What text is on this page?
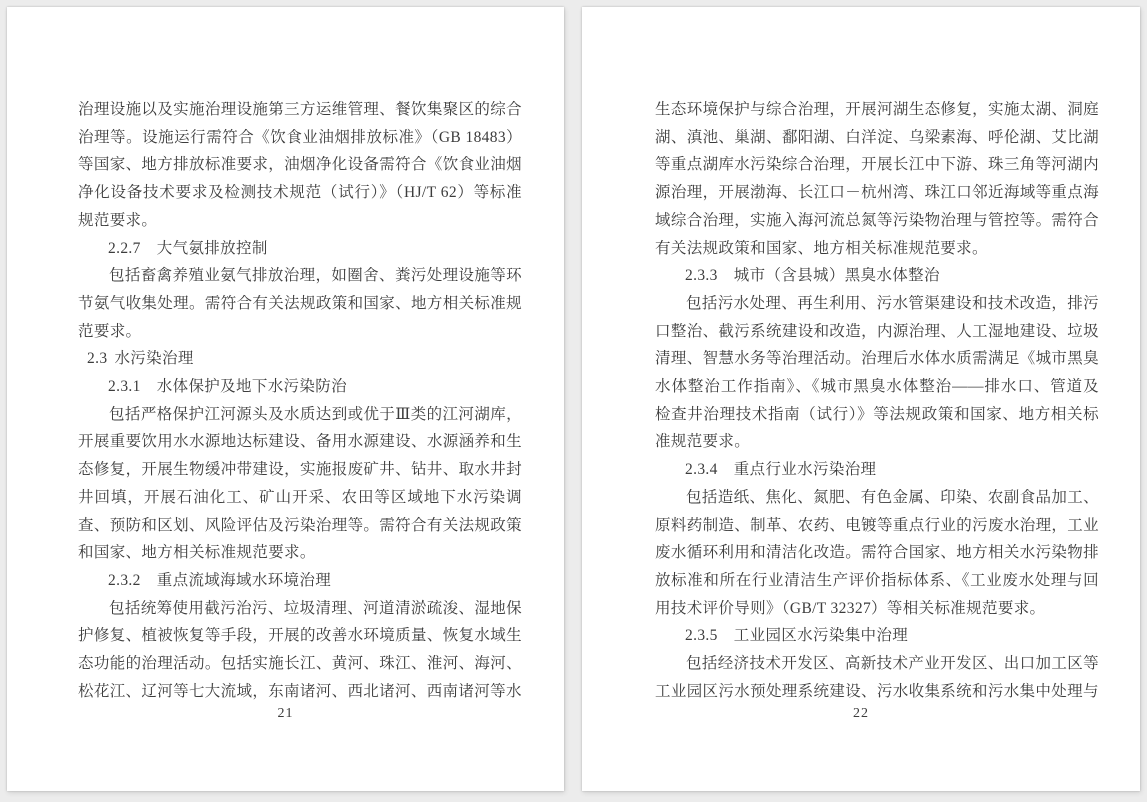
治理设施以及实施治理设施第三方运维管理、餐饮集聚区的综合治理等。设施运行需符合《饮食业油烟排放标准》（GB 18483）等国家、地方排放标准要求，油烟净化设备需符合《饮食业油烟净化设备技术要求及检测技术规范（试行）》（HJ/T 62）等标准规范要求。

2.2.7 大气氨排放控制

包括畜禽养殖业氨气排放治理，如圈舍、粪污处理设施等环节氨气收集处理。需符合有关法规政策和国家、地方相关标准规范要求。

2.3 水污染治理

2.3.1 水体保护及地下水污染防治

包括严格保护江河源头及水质达到或优于Ⅲ类的江河湖库，开展重要饮用水水源地达标建设、备用水源建设、水源涵养和生态修复，开展生物缓冲带建设，实施报废矿井、钻井、取水井封井回填，开展石油化工、矿山开采、农田等区域地下水污染调查、预防和区划、风险评估及污染治理等。需符合有关法规政策和国家、地方相关标准规范要求。

2.3.2 重点流域海域水环境治理

包括统筹使用截污治污、垃圾清理、河道清淤疏浚、湿地保护修复、植被恢复等手段，开展的改善水环境质量、恢复水域生态功能的治理活动。包括实施长江、黄河、珠江、淮河、海河、松花江、辽河等七大流域，东南诸河、西北诸河、西南诸河等水

21

生态环境保护与综合治理，开展河湖生态修复，实施太湖、洞庭湖、滇池、巢湖、鄱阳湖、白洋淀、乌梁素海、呼伦湖、艾比湖等重点湖库水污染综合治理，开展长江中下游、珠三角等河湖内源治理，开展渤海、长江口－杭州湾、珠江口邻近海域等重点海域综合治理，实施入海河流总氮等污染物治理与管控等。需符合有关法规政策和国家、地方相关标准规范要求。

2.3.3 城市（含县城）黑臭水体整治

包括污水处理、再生利用、污水管渠建设和技术改造，排污口整治、截污系统建设和改造，内源治理、人工湿地建设、垃圾清理、智慧水务等治理活动。治理后水体水质需满足《城市黑臭水体整治工作指南》、《城市黑臭水体整治——排水口、管道及检查井治理技术指南（试行）》等法规政策和国家、地方相关标准规范要求。

2.3.4 重点行业水污染治理

包括造纸、焦化、氮肥、有色金属、印染、农副食品加工、原料药制造、制革、农药、电镀等重点行业的污废水治理，工业废水循环利用和清洁化改造。需符合国家、地方相关水污染物排放标准和所在行业清洁生产评价指标体系、《工业废水处理与回用技术评价导则》（GB/T 32327）等相关标准规范要求。

2.3.5 工业园区水污染集中治理

包括经济技术开发区、高新技术产业开发区、出口加工区等工业园区污水预处理系统建设、污水收集系统和污水集中处理与

22
